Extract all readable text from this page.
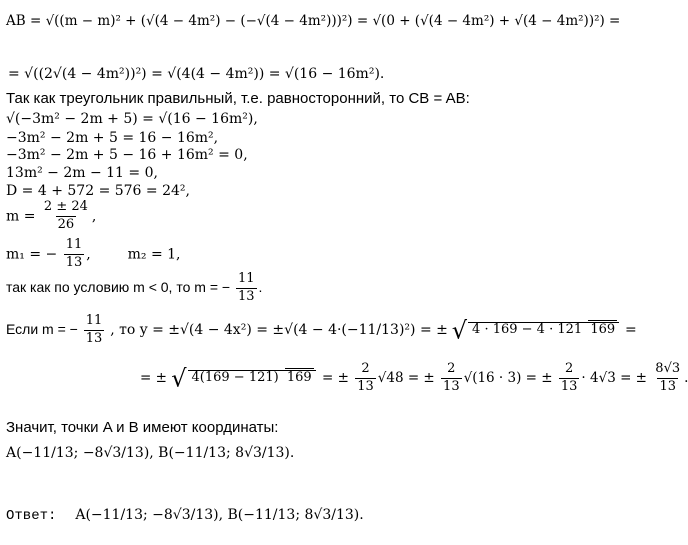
AB = √((m − m)² + (√(4 − 4m²) − (−√(4 − 4m²)))²) = √(0 + (√(4 − 4m²) + √(4 − 4m²))²) =
= √((2√(4 − 4m²))²) = √(4(4 − 4m²)) = √(16 − 16m²).
Так как треугольник правильный, т.е. равносторонний, то CB = AB:
√(−3m² − 2m + 5) = √(16 − 16m²),
−3m² − 2m + 5 = 16 − 16m²,
−3m² − 2m + 5 − 16 + 16m² = 0,
13m² − 2m − 11 = 0,
D = 4 + 572 = 576 = 24²,
$m = \frac{2 \pm 24}{26}$ ,
m₁ = − $\frac{11}{13}$ ,	m₂ = 1,
так как по условию m < 0, то m = − $\frac{11}{13}$ .
Если m = − $\frac{11}{13}$ , то y = ±√(4 − 4x²) = ±√(4 − 4·(−11/13)²) = ± √ 4 · 169 − 4 · 121 169 =
= ± √ 4(169 − 121) 169 = ± $\frac{2}{13} √48$ = ± $\frac{2}{13} √(16 \cdot 3)$ = ± $\frac{2}{13} \cdot 4√3$ = ± $\frac{8√3}{13}$ .
Значит, точки A и B имеют координаты:
A(−11/13; −8√3/13), B(−11/13; 8√3/13).
Ответ: A(−11/13; −8√3/13), B(−11/13; 8√3/13).
